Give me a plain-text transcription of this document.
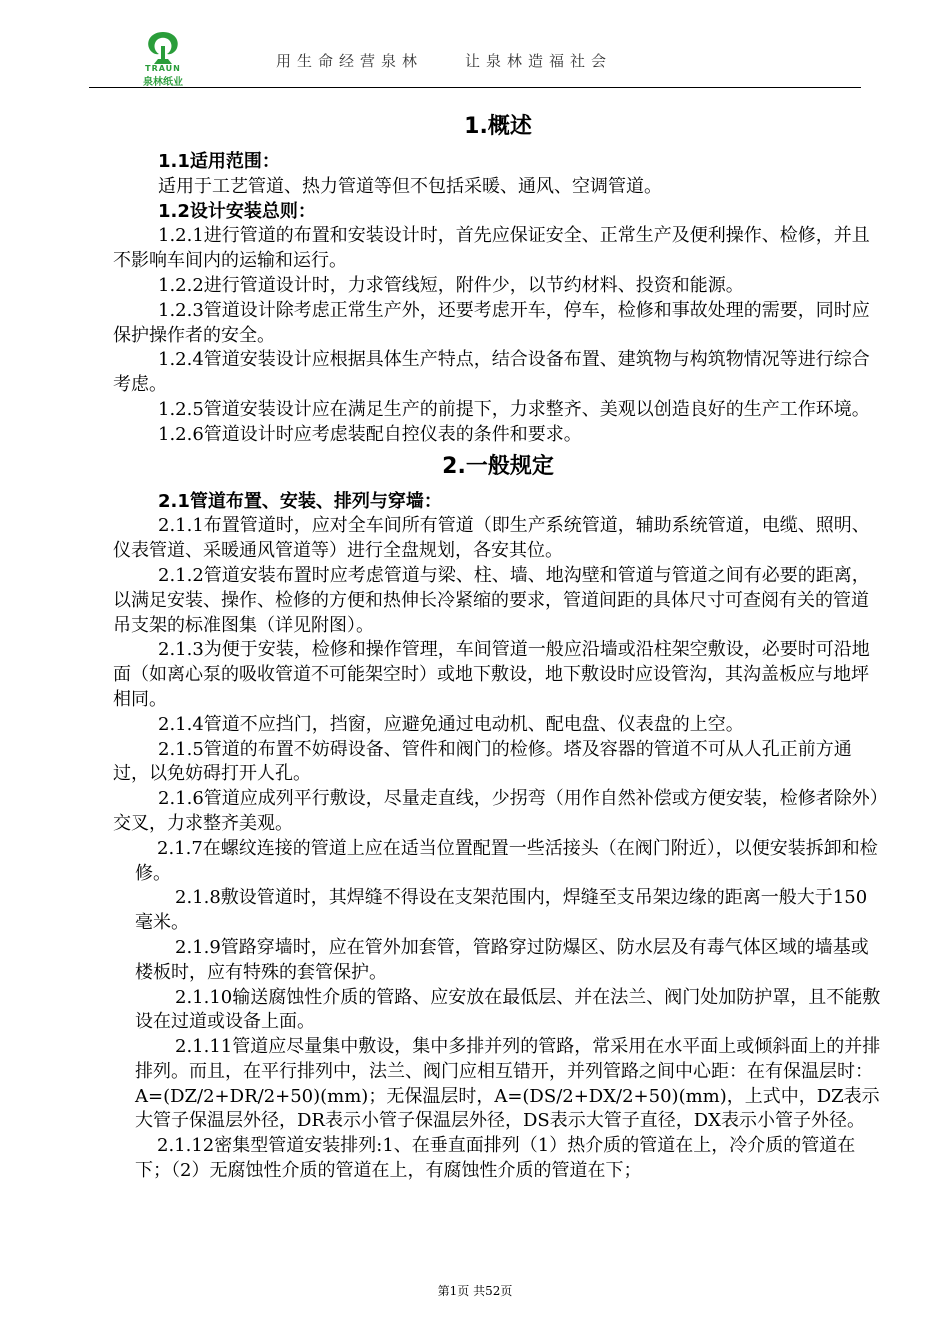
TRAUN
泉林纸业
用生命经营泉林　　让泉林造福社会

1.概述

1.1适用范围：

适用于工艺管道、热力管道等但不包括采暖、通风、空调管道。

1.2设计安装总则：

1.2.1进行管道的布置和安装设计时，首先应保证安全、正常生产及便利操作、检修，并且不影响车间内的运输和运行。

1.2.2进行管道设计时，力求管线短，附件少，以节约材料、投资和能源。

1.2.3管道设计除考虑正常生产外，还要考虑开车，停车，检修和事故处理的需要，同时应保护操作者的安全。

1.2.4管道安装设计应根据具体生产特点，结合设备布置、建筑物与构筑物情况等进行综合考虑。

1.2.5管道安装设计应在满足生产的前提下，力求整齐、美观以创造良好的生产工作环境。

1.2.6管道设计时应考虑装配自控仪表的条件和要求。

2.一般规定

2.1管道布置、安装、排列与穿墙：

2.1.1布置管道时，应对全车间所有管道（即生产系统管道，辅助系统管道，电缆、照明、仪表管道、采暖通风管道等）进行全盘规划，各安其位。

2.1.2管道安装布置时应考虑管道与梁、柱、墙、地沟壁和管道与管道之间有必要的距离，以满足安装、操作、检修的方便和热伸长冷紧缩的要求，管道间距的具体尺寸可查阅有关的管道吊支架的标准图集（详见附图）。

2.1.3为便于安装，检修和操作管理，车间管道一般应沿墙或沿柱架空敷设，必要时可沿地面（如离心泵的吸收管道不可能架空时）或地下敷设，地下敷设时应设管沟，其沟盖板应与地坪相同。

2.1.4管道不应挡门，挡窗，应避免通过电动机、配电盘、仪表盘的上空。

2.1.5管道的布置不妨碍设备、管件和阀门的检修。塔及容器的管道不可从人孔正前方通过，以免妨碍打开人孔。

2.1.6管道应成列平行敷设，尽量走直线，少拐弯（用作自然补偿或方便安装，检修者除外）交叉，力求整齐美观。

2.1.7在螺纹连接的管道上应在适当位置配置一些活接头（在阀门附近），以便安装拆卸和检修。

2.1.8敷设管道时，其焊缝不得设在支架范围内，焊缝至支吊架边缘的距离一般大于150毫米。

2.1.9管路穿墙时，应在管外加套管，管路穿过防爆区、防水层及有毒气体区域的墙基或楼板时，应有特殊的套管保护。

2.1.10输送腐蚀性介质的管路、应安放在最低层、并在法兰、阀门处加防护罩，且不能敷设在过道或设备上面。

2.1.11管道应尽量集中敷设，集中多排并列的管路，常采用在水平面上或倾斜面上的并排排列。而且，在平行排列中，法兰、阀门应相互错开，并列管路之间中心距：在有保温层时：A=(DZ/2+DR/2+50)(mm)；无保温层时，A=(DS/2+DX/2+50)(mm)，上式中，DZ表示大管子保温层外径，DR表示小管子保温层外径，DS表示大管子直径，DX表示小管子外径。

2.1.12密集型管道安装排列:1、在垂直面排列（1）热介质的管道在上，冷介质的管道在下；（2）无腐蚀性介质的管道在上，有腐蚀性介质的管道在下；

第1页 共52页
